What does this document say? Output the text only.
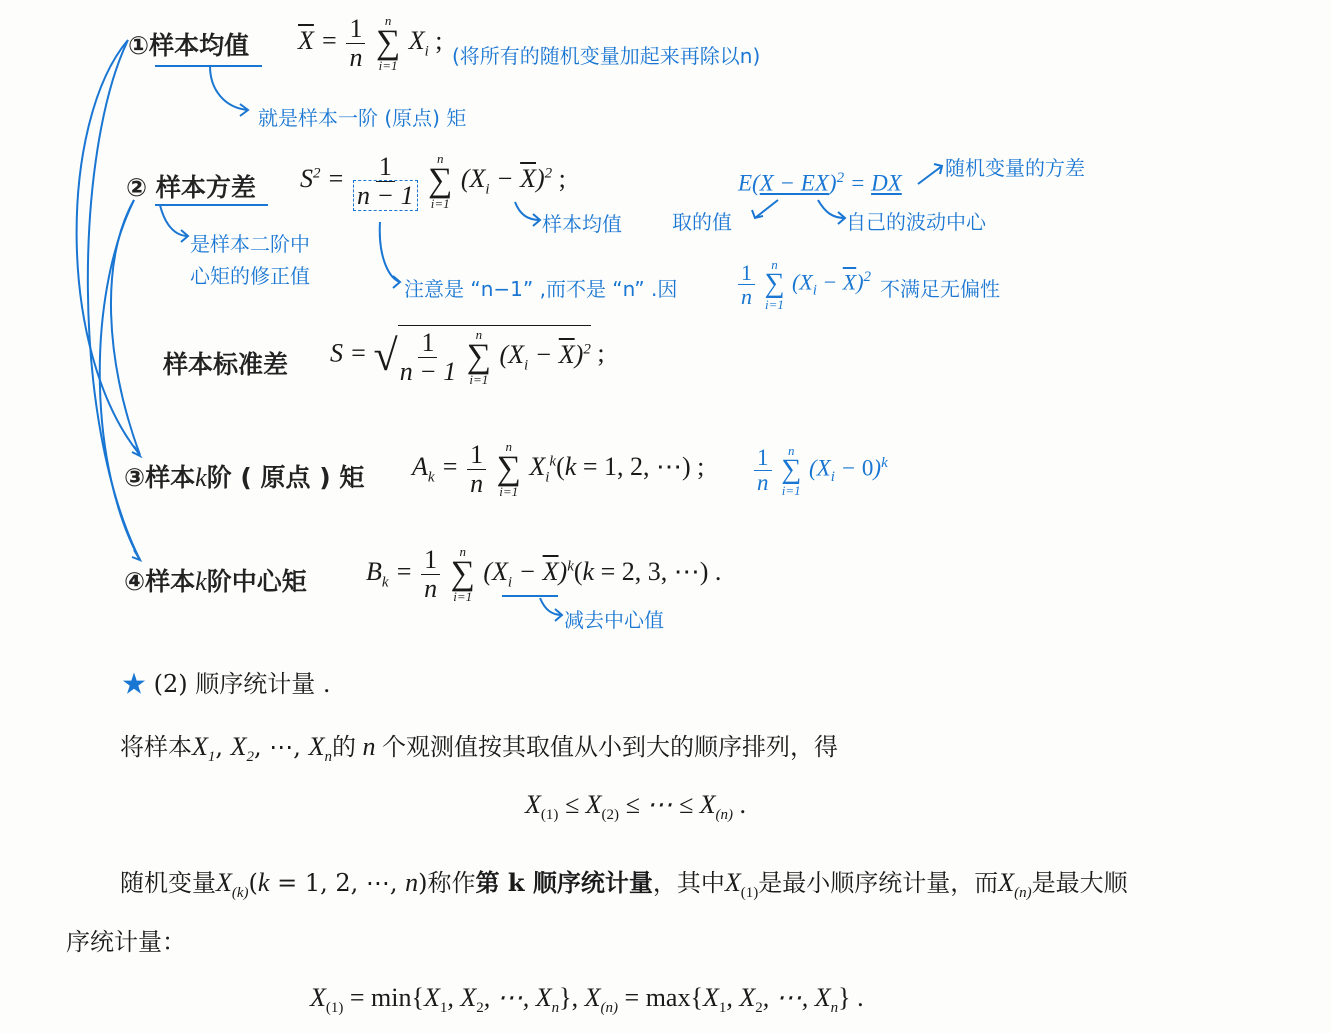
①样本均值 $\overline{X} = \frac{1}{n}$
n
∑
i=1
$X_i$ ;
(将所有的随机变量加起来再除以n)
就是样本一阶 (原点) 矩
② 样本方差 $S^2 = \frac{1}{n - 1}$
n
∑
i=1
$(X_i - \overline{X})^2$ ;
样本均值
E(X − EX)$^2$ = DX
随机变量的方差
取的值	自己的波动中心
是样本二阶中
心矩的修正值
注意是 “n−1” ,而不是 “n” .因	$\frac{1}{n}$
n
∑
i=1
$(X_i - \overline{X})^2$ 不满足无偏性
样本标准差 S = √ $\frac{1}{n - 1}$
n
∑
i=1
$(X_i - \overline{X})^2$ ;
③样本k阶 ( 原点 ) 矩 $A_k = \frac{1}{n}$
n
∑
i=1
$X_i^k(k = 1$, 2, ⋯) ; $\frac{1}{n}$
n
∑
i=1
$(X_i - 0)^k$
④样本k阶中心矩 $B_k = \frac{1}{n}$
n
∑
i=1
$(X_i - \overline{X})^k(k = 2$, 3, ⋯) .
减去中心值
★ (2) 顺序统计量 .
将样本$X_1$, $X_2$, ⋯, $X_n$的 n 个观测值按其取值从小到大的顺序排列，得
$X_{(1)} \le X_{(2)}$ ≤ ⋯ ≤ $X_{(n)}$ .
随机变量$X_{(k)}(k = 1$, 2, ⋯, n)称作第 k 顺序统计量，其中$X_{(1)}$是最小顺序统计量，而$X_{(n)}$是最大顺
序统计量：
$X_{(1)} = \min\{X_1$, $X_2$, ⋯, $X_n$}, $X_{(n)} = \max\{X_1$, $X_2$, ⋯, $X_n$} .
